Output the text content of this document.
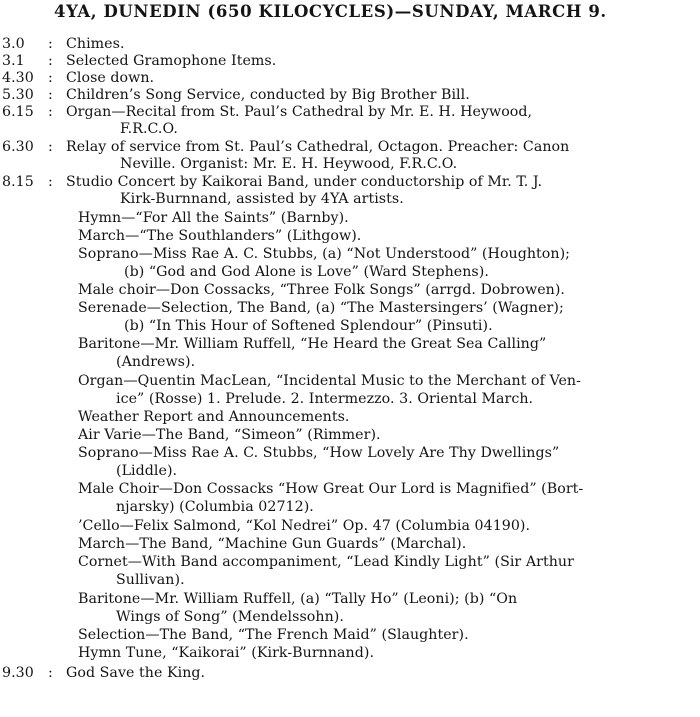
4YA, DUNEDIN (650 KILOCYCLES)—SUNDAY, MARCH 9.
3.0	: Chimes.
3.1	: Selected Gramophone Items.
4.30	: Close down.
5.30	: Children’s Song Service, conducted by Big Brother Bill.
6.15	: Organ—Recital from St. Paul’s Cathedral by Mr. E. H. Heywood,
F.R.C.O.
6.30	: Relay of service from St. Paul’s Cathedral, Octagon. Preacher: Canon
Neville. Organist: Mr. E. H. Heywood, F.R.C.O.
8.15	: Studio Concert by Kaikorai Band, under conductorship of Mr. T. J.
Kirk-Burnnand, assisted by 4YA artists.
Hymn—“For All the Saints” (Barnby).
March—“The Southlanders” (Lithgow).
Soprano—Miss Rae A. C. Stubbs, (a) “Not Understood” (Houghton);
(b) “God and God Alone is Love” (Ward Stephens).
Male choir—Don Cossacks, “Three Folk Songs” (arrgd. Dobrowen).
Serenade—Selection, The Band, (a) “The Mastersingers’ (Wagner);
(b) “In This Hour of Softened Splendour” (Pinsuti).
Baritone—Mr. William Ruffell, “He Heard the Great Sea Calling”
(Andrews).
Organ—Quentin MacLean, “Incidental Music to the Merchant of Ven-
ice” (Rosse) 1. Prelude. 2. Intermezzo. 3. Oriental March.
Weather Report and Announcements.
Air Varie—The Band, “Simeon” (Rimmer).
Soprano—Miss Rae A. C. Stubbs, “How Lovely Are Thy Dwellings”
(Liddle).
Male Choir—Don Cossacks “How Great Our Lord is Magnified” (Bort-
njarsky) (Columbia 02712).
’Cello—Felix Salmond, “Kol Nedrei” Op. 47 (Columbia 04190).
March—The Band, “Machine Gun Guards” (Marchal).
Cornet—With Band accompaniment, “Lead Kindly Light” (Sir Arthur
Sullivan).
Baritone—Mr. William Ruffell, (a) “Tally Ho” (Leoni); (b) “On
Wings of Song” (Mendelssohn).
Selection—The Band, “The French Maid” (Slaughter).
Hymn Tune, “Kaikorai” (Kirk-Burnnand).
9.30	: God Save the King.
